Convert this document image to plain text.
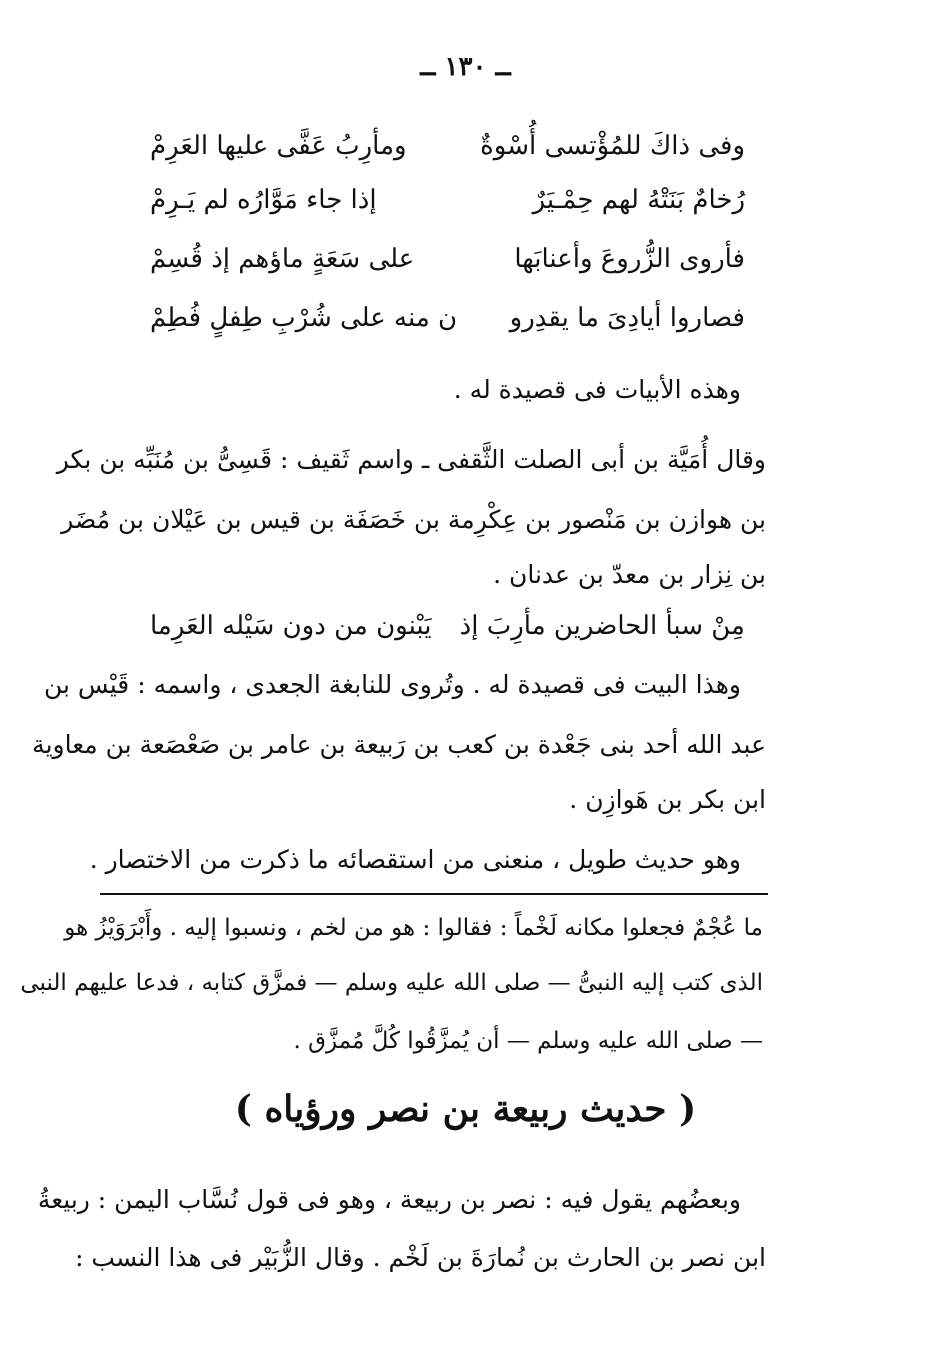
ــ ١٣٠ ــ
وفى ذاكَ للمُؤْتسى أُسْوةٌ
ومأرِبُ عَفَّى عليها العَرِمْ
رُخامٌ بَنَتْهُ لهم حِمْـيَرٌ
إذا جاء مَوَّارُه لم يَـرِمْ
فأروى الزُّروعَ وأعنابَها
على سَعَةٍ ماؤهم إذ قُسِمْ
فصاروا أيادِىَ ما يقدِرو
ن منه على شُرْبِ طِفلٍ فُطِمْ
وهذه الأبيات فى قصيدة له .
وقال أُمَيَّة بن أبى الصلت الثَّقفى ـ واسم ثَقيف : قَسِىُّ بن مُنَبِّه بن بكر
بن هوازن بن مَنْصور بن عِكْرِمة بن خَصَفَة بن قيس بن عَيْلان بن مُضَر
بن نِزار بن معدّ بن عدنان .
مِنْ سبأ الحاضرين مأرِبَ إذ
يَبْنون من دون سَيْله العَرِما
وهذا البيت فى قصيدة له . وتُروى للنابغة الجعدى ، واسمه : قَيْس بن
عبد الله أحد بنى جَعْدة بن كعب بن رَبيعة بن عامر بن صَعْصَعة بن معاوية
ابن بكر بن هَوازِن .
وهو حديث طويل ، منعنى من استقصائه ما ذكرت من الاختصار .
ما عُجْمٌ فجعلوا مكانه لَخْماً : فقالوا : هو من لخم ، ونسبوا إليه . وأَبْرَوَيْزُ هو
الذى كتب إليه النبىُّ — صلى الله عليه وسلم — فمزَّق كتابه ، فدعا عليهم النبى
— صلى الله عليه وسلم — أن يُمزَّقُوا كُلَّ مُمزَّق .
( حديث ربيعة بن نصر ورؤياه )
وبعضُهم يقول فيه : نصر بن ربيعة ، وهو فى قول نُسَّاب اليمن : ربيعةُ
ابن نصر بن الحارث بن نُمارَةَ بن لَخْم . وقال الزُّبَيْر فى هذا النسب :
